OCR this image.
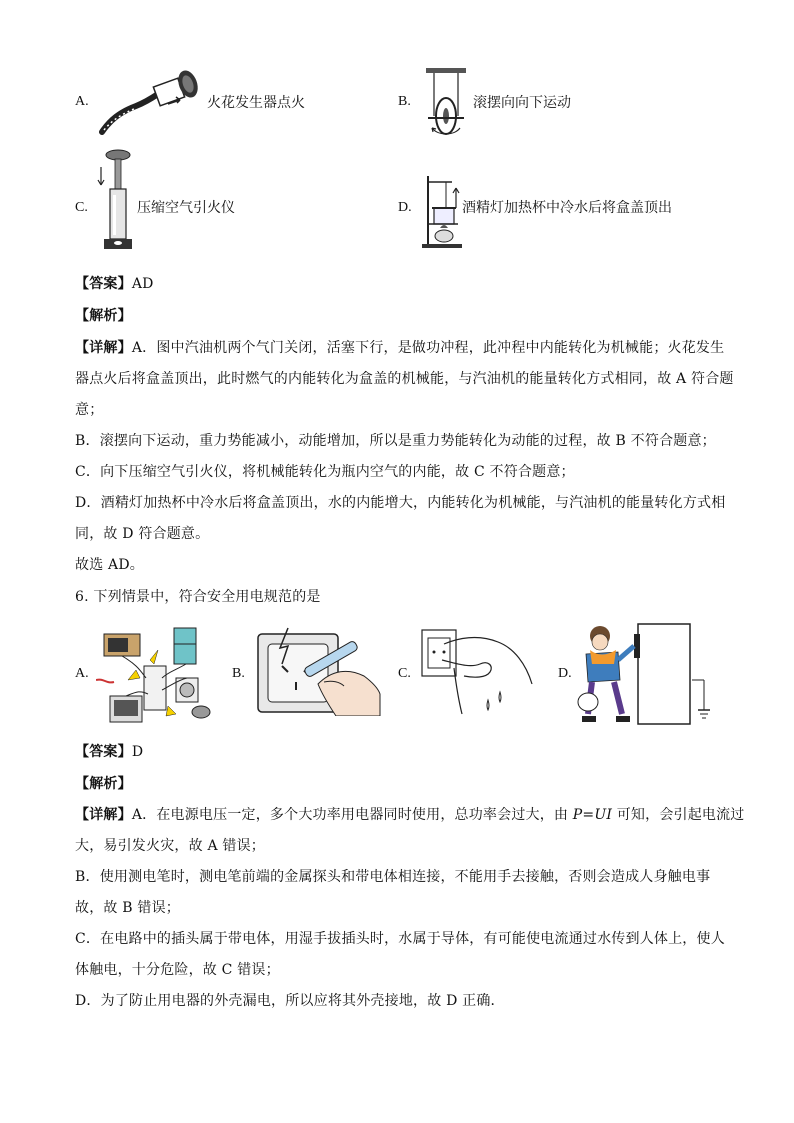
A.	火花发生器点火	B.	滚摆向向下运动
C.	压缩空气引火仪	D.	酒精灯加热杯中冷水后将盒盖顶出
【答案】AD
【解析】
【详解】A．图中汽油机两个气门关闭，活塞下行，是做功冲程，此冲程中内能转化为机械能；火花发生
器点火后将盒盖顶出，此时燃气的内能转化为盒盖的机械能，与汽油机的能量转化方式相同，故 A 符合题
意；
B．滚摆向下运动，重力势能减小，动能增加，所以是重力势能转化为动能的过程，故 B 不符合题意；
C．向下压缩空气引火仪，将机械能转化为瓶内空气的内能，故 C 不符合题意；
D．酒精灯加热杯中冷水后将盒盖顶出，水的内能增大，内能转化为机械能，与汽油机的能量转化方式相
同，故 D 符合题意。
故选 AD。
6. 下列情景中，符合安全用电规范的是
A.	B.	C.	D.
【答案】D
【解析】
【详解】A．在电源电压一定，多个大功率用电器同时使用，总功率会过大，由 P=UI 可知，会引起电流过
大，易引发火灾，故 A 错误；
B．使用测电笔时，测电笔前端的金属探头和带电体相连接，不能用手去接触，否则会造成人身触电事
故，故 B 错误；
C．在电路中的插头属于带电体，用湿手拔插头时，水属于导体，有可能使电流通过水传到人体上，使人
体触电，十分危险，故 C 错误；
D．为了防止用电器的外壳漏电，所以应将其外壳接地，故 D 正确．
